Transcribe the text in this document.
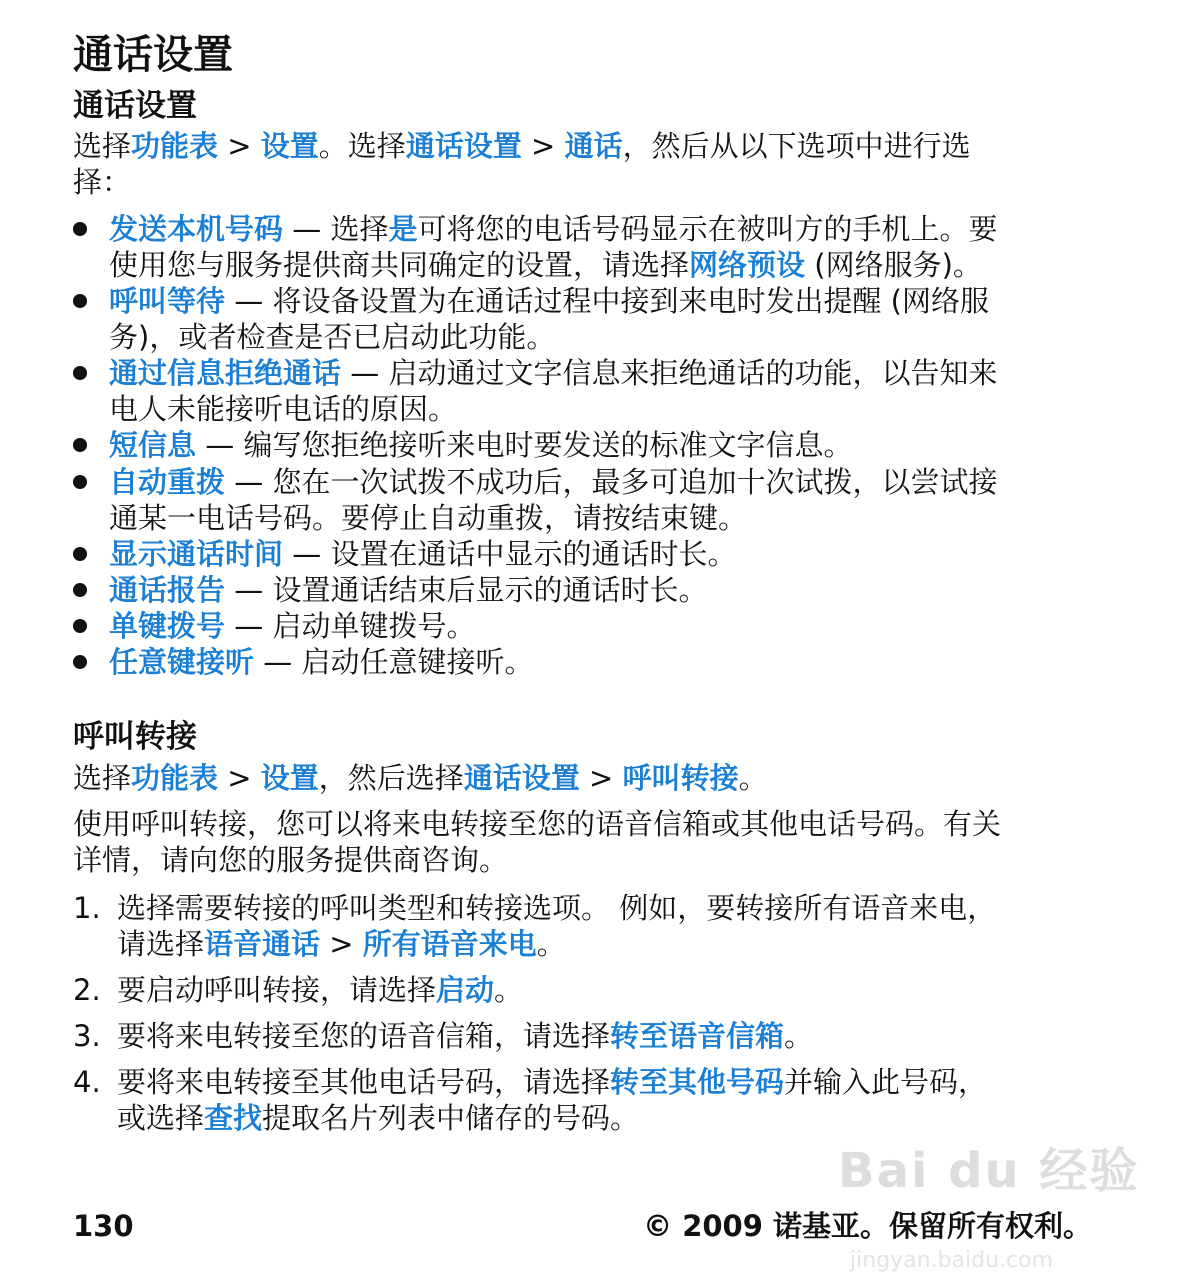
通话设置
通话设置
选择功能表 > 设置。选择通话设置 > 通话，然后从以下选项中进行选
择：
发送本机号码 — 选择是可将您的电话号码显示在被叫方的手机上。要
使用您与服务提供商共同确定的设置，请选择网络预设 (网络服务)。
呼叫等待 — 将设备设置为在通话过程中接到来电时发出提醒 (网络服
务)，或者检查是否已启动此功能。
通过信息拒绝通话 — 启动通过文字信息来拒绝通话的功能，以告知来
电人未能接听电话的原因。
短信息 — 编写您拒绝接听来电时要发送的标准文字信息。
自动重拨 — 您在一次试拨不成功后，最多可追加十次试拨，以尝试接
通某一电话号码。要停止自动重拨，请按结束键。
显示通话时间 — 设置在通话中显示的通话时长。
通话报告 — 设置通话结束后显示的通话时长。
单键拨号 — 启动单键拨号。
任意键接听 — 启动任意键接听。
呼叫转接
选择功能表 > 设置，然后选择通话设置 > 呼叫转接。
使用呼叫转接，您可以将来电转接至您的语音信箱或其他电话号码。有关
详情，请向您的服务提供商咨询。
1. 选择需要转接的呼叫类型和转接选项。 例如，要转接所有语音来电，
请选择语音通话 > 所有语音来电。
2. 要启动呼叫转接，请选择启动。
3. 要将来电转接至您的语音信箱，请选择转至语音信箱。
4. 要将来电转接至其他电话号码，请选择转至其他号码并输入此号码，
或选择查找提取名片列表中储存的号码。
Bai du 经验
jingyan.baidu.com
130	© 2009 诺基亚。保留所有权利。
